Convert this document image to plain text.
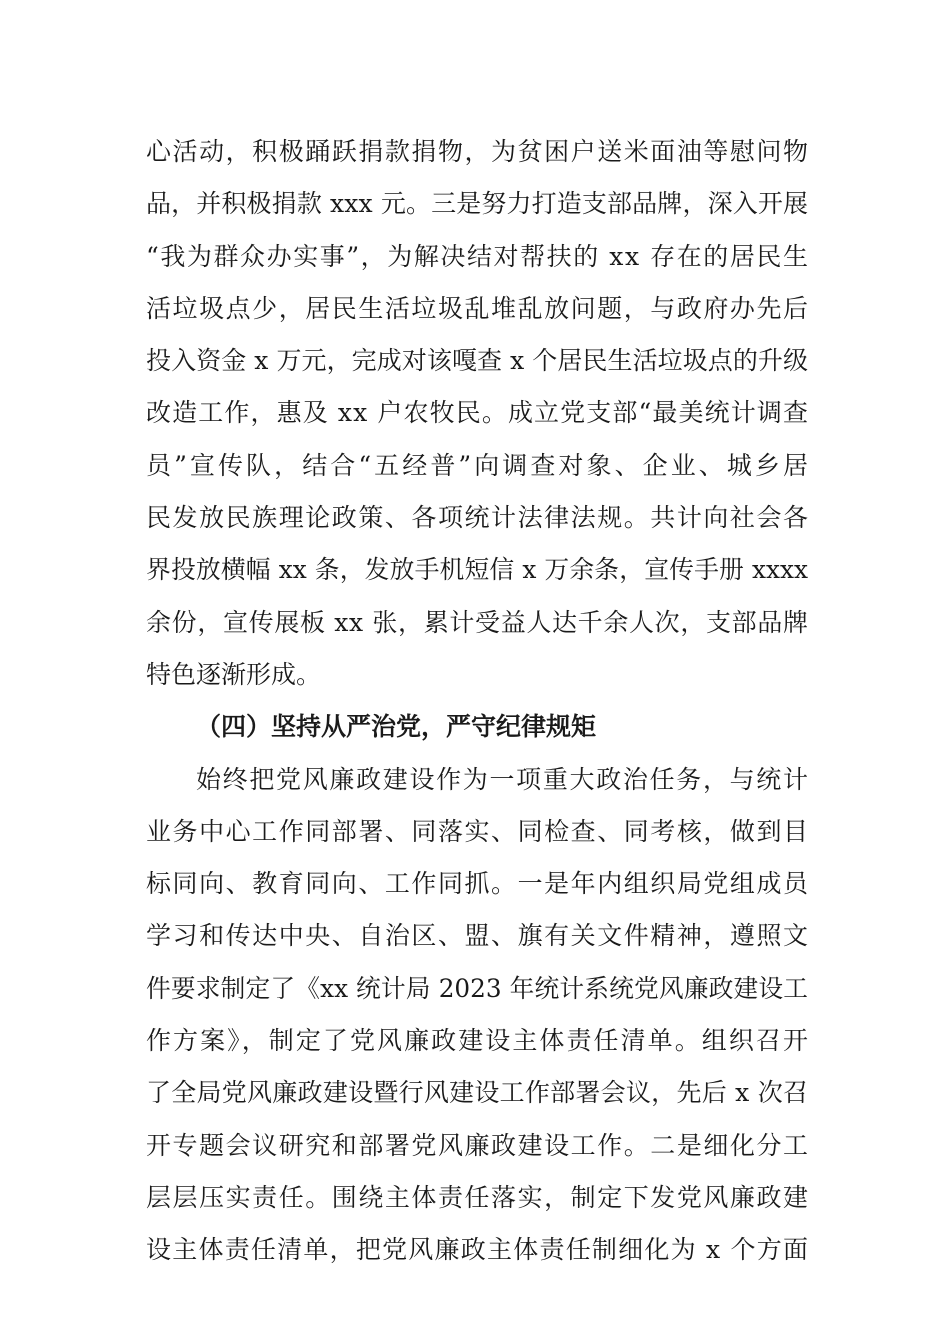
心活动，积极踊跃捐款捐物，为贫困户送米面油等慰问物
品，并积极捐款 xxx 元。三是努力打造支部品牌，深入开展
“我为群众办实事”，为解决结对帮扶的 xx 存在的居民生
活垃圾点少，居民生活垃圾乱堆乱放问题，与政府办先后
投入资金 x 万元，完成对该嘎查 x 个居民生活垃圾点的升级
改造工作，惠及 xx 户农牧民。成立党支部“最美统计调查
员”宣传队，结合“五经普”向调查对象、企业、城乡居
民发放民族理论政策、各项统计法律法规。共计向社会各
界投放横幅 xx 条，发放手机短信 x 万余条，宣传手册 xxxx
余份，宣传展板 xx 张，累计受益人达千余人次，支部品牌
特色逐渐形成。

（四）坚持从严治党，严守纪律规矩

始终把党风廉政建设作为一项重大政治任务，与统计
业务中心工作同部署、同落实、同检查、同考核，做到目
标同向、教育同向、工作同抓。一是年内组织局党组成员
学习和传达中央、自治区、盟、旗有关文件精神，遵照文
件要求制定了《xx 统计局 2023 年统计系统党风廉政建设工
作方案》，制定了党风廉政建设主体责任清单。组织召开
了全局党风廉政建设暨行风建设工作部署会议，先后 x 次召
开专题会议研究和部署党风廉政建设工作。二是细化分工
层层压实责任。围绕主体责任落实，制定下发党风廉政建
设主体责任清单，把党风廉政主体责任制细化为 x 个方面
